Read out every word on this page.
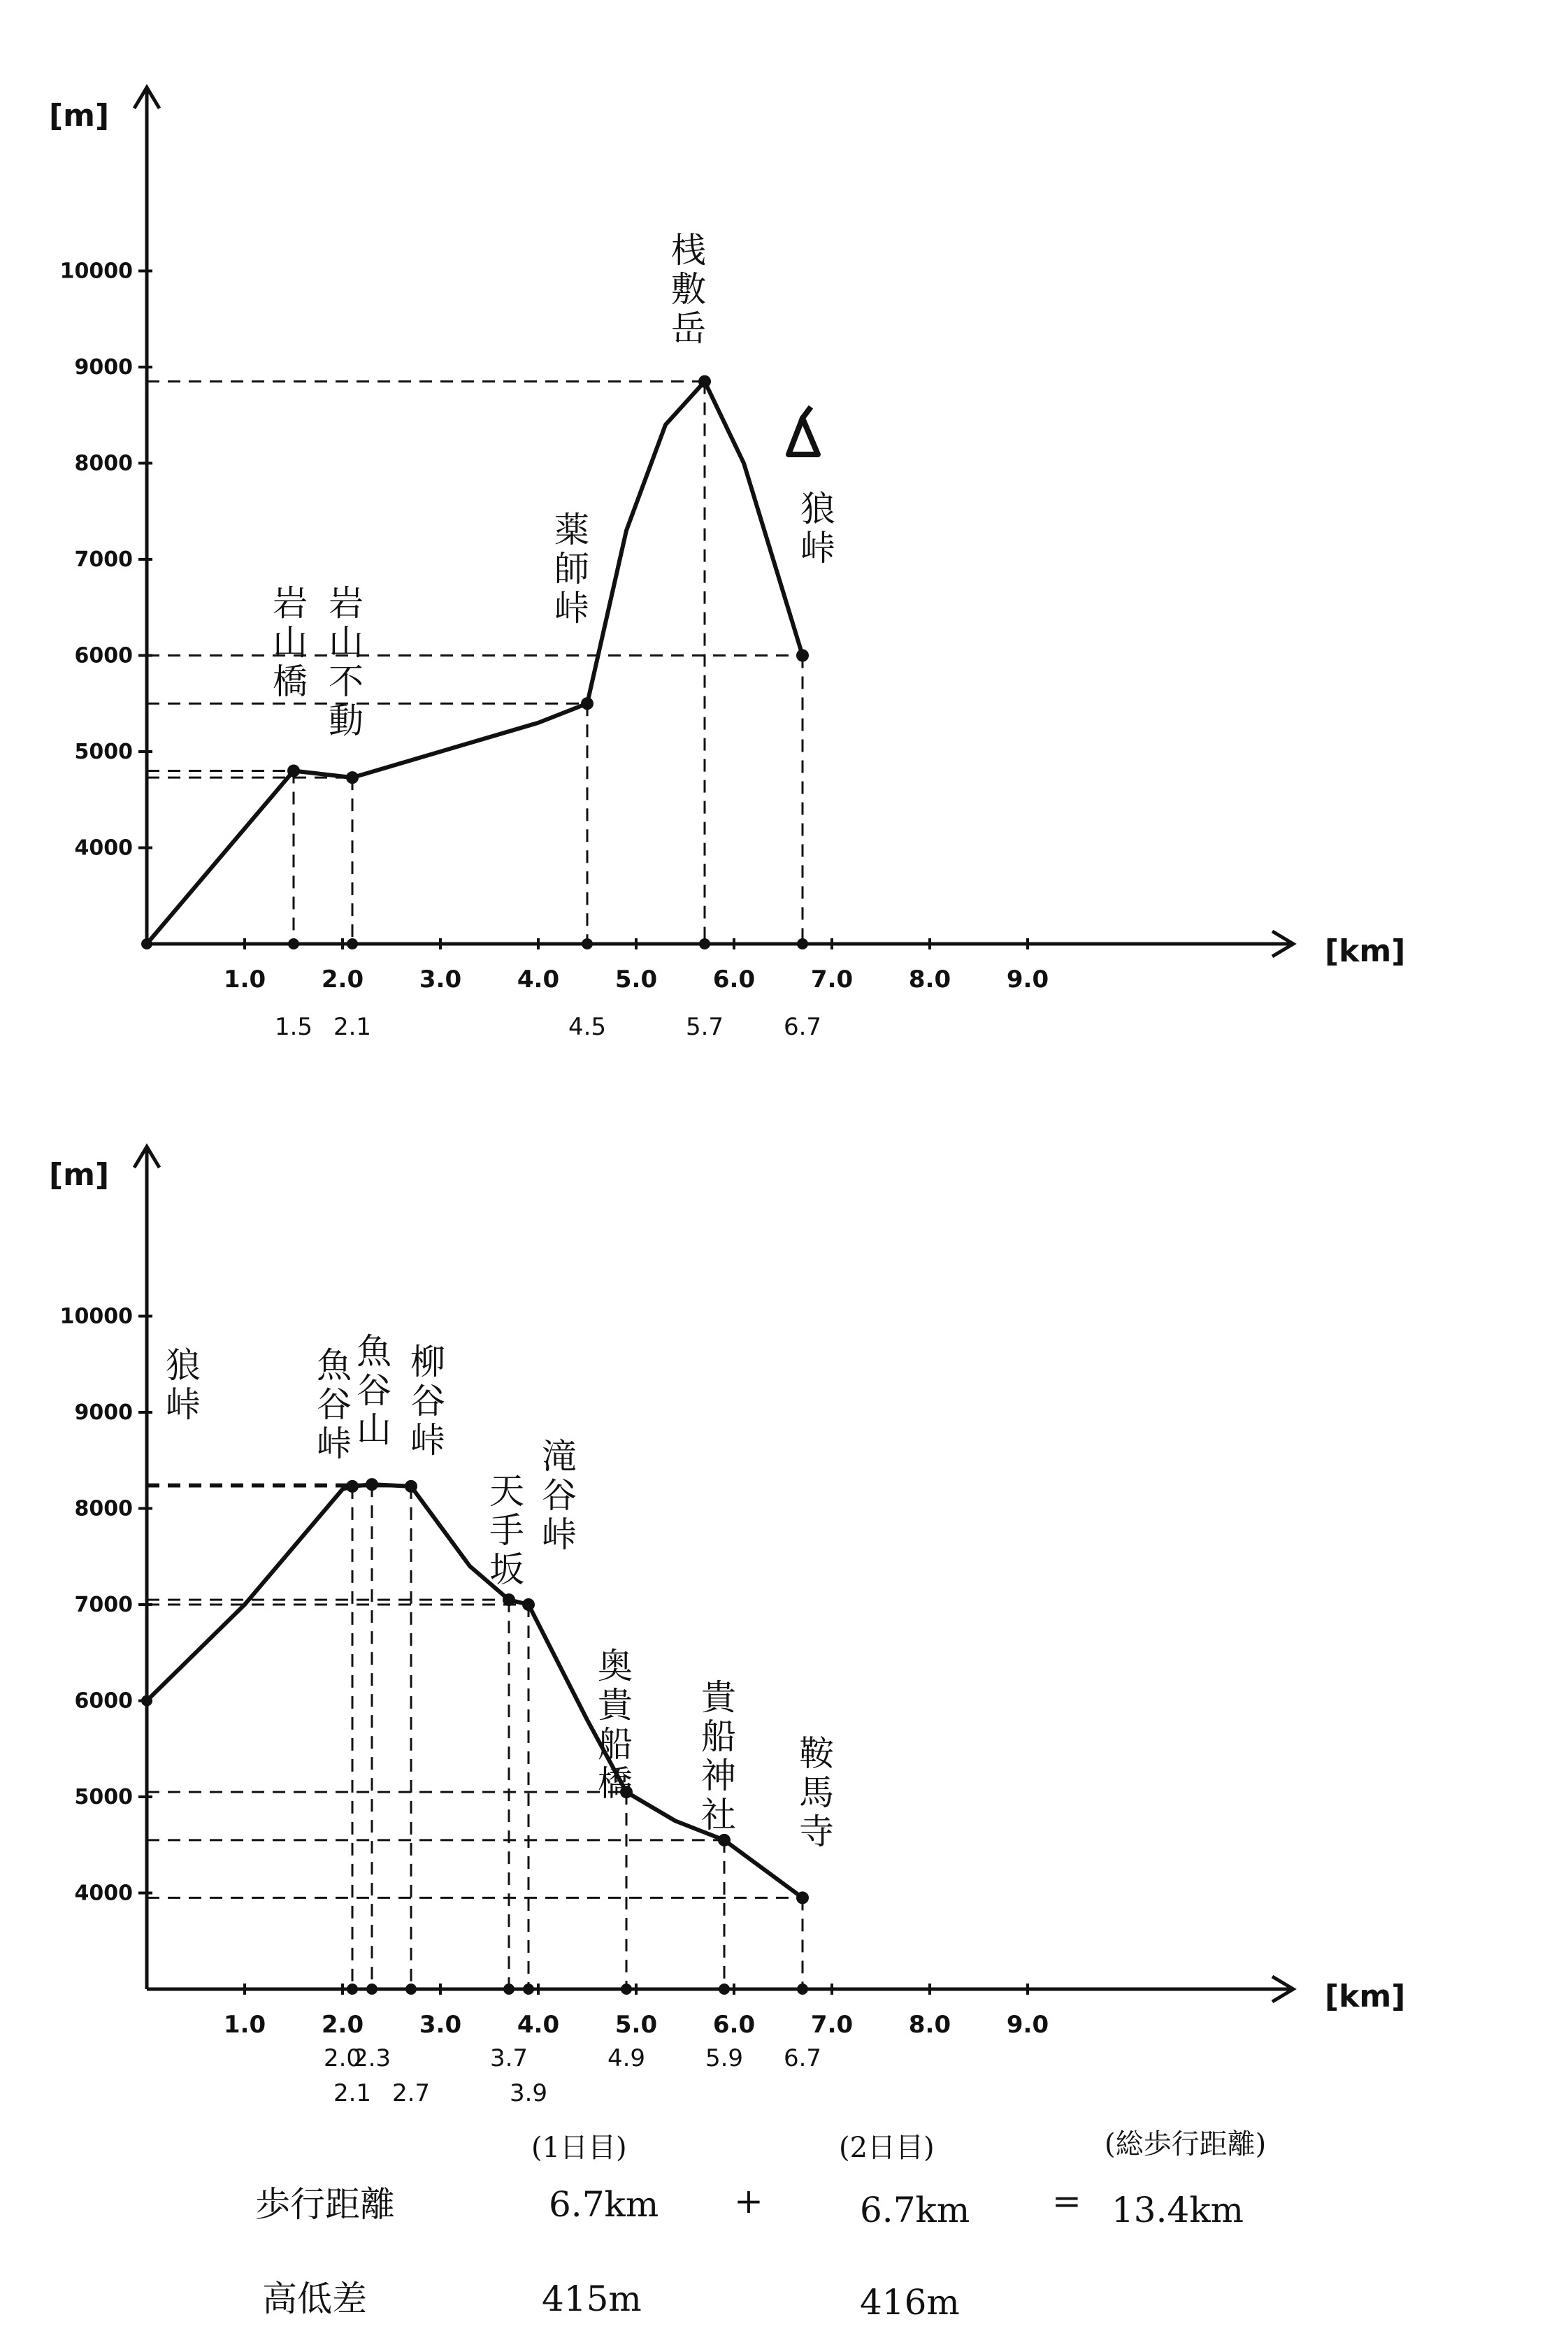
[m]
[km]
10000
9000
8000
7000
6000
5000
4000
1.0 2.0 3.0 4.0 5.0 6.0 7.0 8.0 9.0
1.5 2.1	4.5	5.7	6.7
岩
山
橋
岩
山
不
動
薬
師
峠
桟
敷
岳
狼
峠
[m]
[km]
10000
9000
8000
7000
6000
5000
4000
1.0 2.0 3.0 4.0 5.0 6.0 7.0 8.0 9.0
狼
峠
2.0
2.3	3.7	4.9	5.9 6.7
2.1 2.7	3.9
魚
谷
峠
魚
谷
山
柳
谷
峠
天
手
坂
滝
谷
峠
奥
貴
船
橋
貴
船
神
社
鞍
馬
寺
(1日目)	(2日目)	(総歩行距離)
歩行距離	6.7km +	6.7km = 13.4km
高低差	415m	416m
